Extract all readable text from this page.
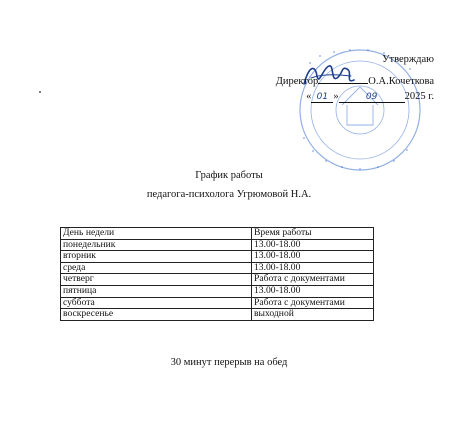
Утверждаю
Директор	О.А.Кочеткова
« 01 »	09	2025 г.
График работы
педагога-психолога Угрюмовой Н.А.
День недели	Время работы
понедельник	13.00-18.00
вторник	13.00-18.00
среда	13.00-18.00
четверг	Работа с документами
пятница	13.00-18.00
суббота	Работа с документами
воскресенье	выходной
30 минут перерыв на обед
